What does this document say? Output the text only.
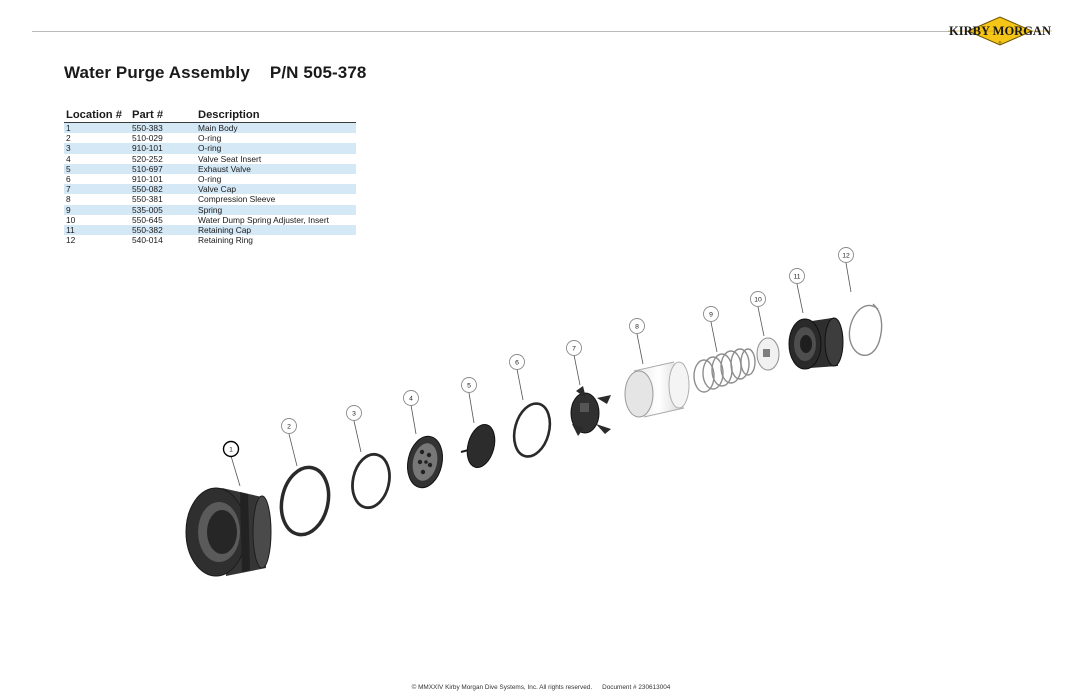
KIRBY MORGAN
®
Water Purge Assembly P/N 505-378
Location #	Part #	Description
1	550-383	Main Body
2	510-029	O-ring
3	910-101	O-ring
4	520-252	Valve Seat Insert
5	510-697	Exhaust Valve
6	910-101	O-ring
7	550-082	Valve Cap
8	550-381	Compression Sleeve
9	535-005	Spring
10	550-645	Water Dump Spring Adjuster, Insert
11	550-382	Retaining Cap
12	540-014	Retaining Ring
1
2
3
4
5
6
7
8
9
10
11
12
© MMXXIV Kirby Morgan Dive Systems, Inc. All rights reserved. Document # 230613004
